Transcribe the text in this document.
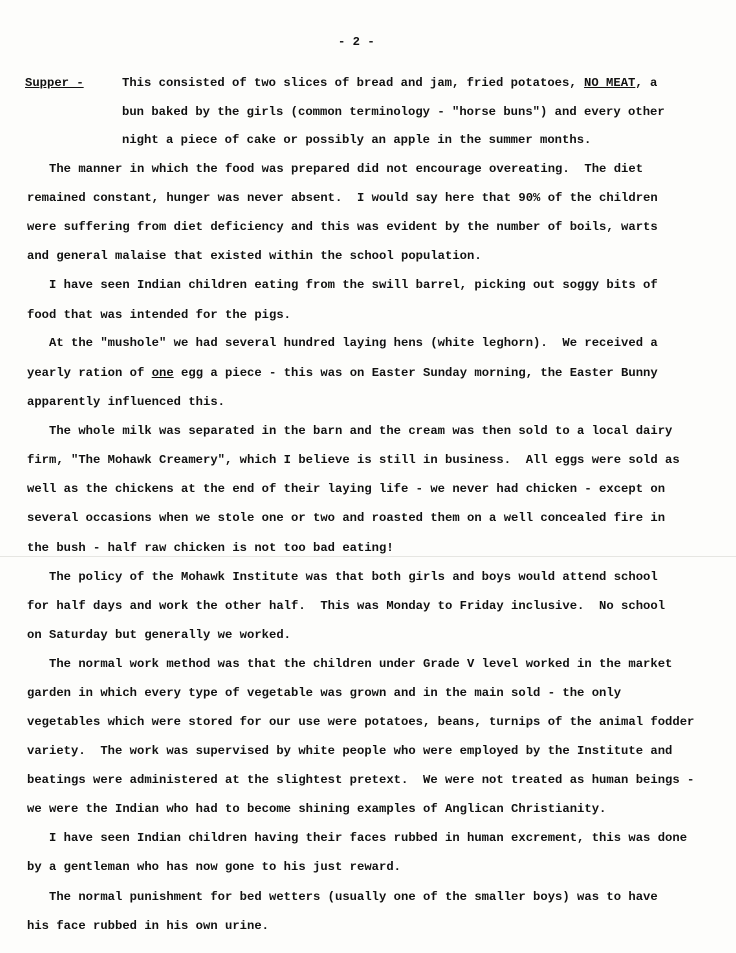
- 2 -
Supper -	This consisted of two slices of bread and jam, fried potatoes, NO MEAT, a
bun baked by the girls (common terminology - "horse buns") and every other
night a piece of cake or possibly an apple in the summer months.
The manner in which the food was prepared did not encourage overeating.  The diet
remained constant, hunger was never absent.  I would say here that 90% of the children
were suffering from diet deficiency and this was evident by the number of boils, warts
and general malaise that existed within the school population.
I have seen Indian children eating from the swill barrel, picking out soggy bits of
food that was intended for the pigs.
At the "mushole" we had several hundred laying hens (white leghorn).  We received a
yearly ration of one egg a piece - this was on Easter Sunday morning, the Easter Bunny
apparently influenced this.
The whole milk was separated in the barn and the cream was then sold to a local dairy
firm, "The Mohawk Creamery", which I believe is still in business.  All eggs were sold as
well as the chickens at the end of their laying life - we never had chicken - except on
several occasions when we stole one or two and roasted them on a well concealed fire in
the bush - half raw chicken is not too bad eating!
The policy of the Mohawk Institute was that both girls and boys would attend school
for half days and work the other half.  This was Monday to Friday inclusive.  No school
on Saturday but generally we worked.
The normal work method was that the children under Grade V level worked in the market
garden in which every type of vegetable was grown and in the main sold - the only
vegetables which were stored for our use were potatoes, beans, turnips of the animal fodder
variety.  The work was supervised by white people who were employed by the Institute and
beatings were administered at the slightest pretext.  We were not treated as human beings -
we were the Indian who had to become shining examples of Anglican Christianity.
I have seen Indian children having their faces rubbed in human excrement, this was done
by a gentleman who has now gone to his just reward.
The normal punishment for bed wetters (usually one of the smaller boys) was to have
his face rubbed in his own urine.
